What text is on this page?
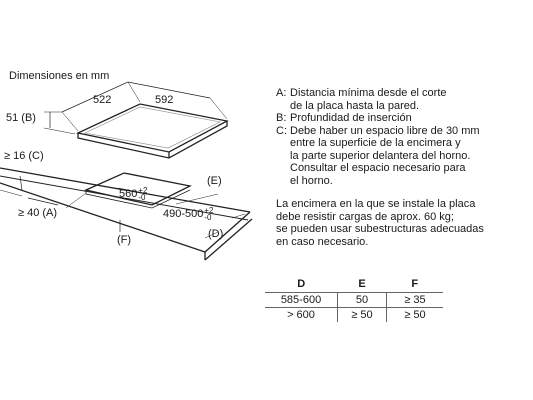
Dimensiones en mm
522	592
51 (B)
≥ 16 (C)
≥ 40 (A)
560 +2
-0
490-500 +2
-0
(E)
(D)
(F)
A: Distancia mínima desde el corte
de la placa hasta la pared.
B: Profundidad de inserción
C: Debe haber un espacio libre de 30 mm
entre la superficie de la encimera y
la parte superior delantera del horno.
Consultar el espacio necesario para
el horno.
La encimera en la que se instale la placa
debe resistir cargas de aprox. 60 kg;
se pueden usar subestructuras adecuadas
en caso necesario.
D	E	F
585-600	50	≥ 35
> 600	≥ 50	≥ 50
